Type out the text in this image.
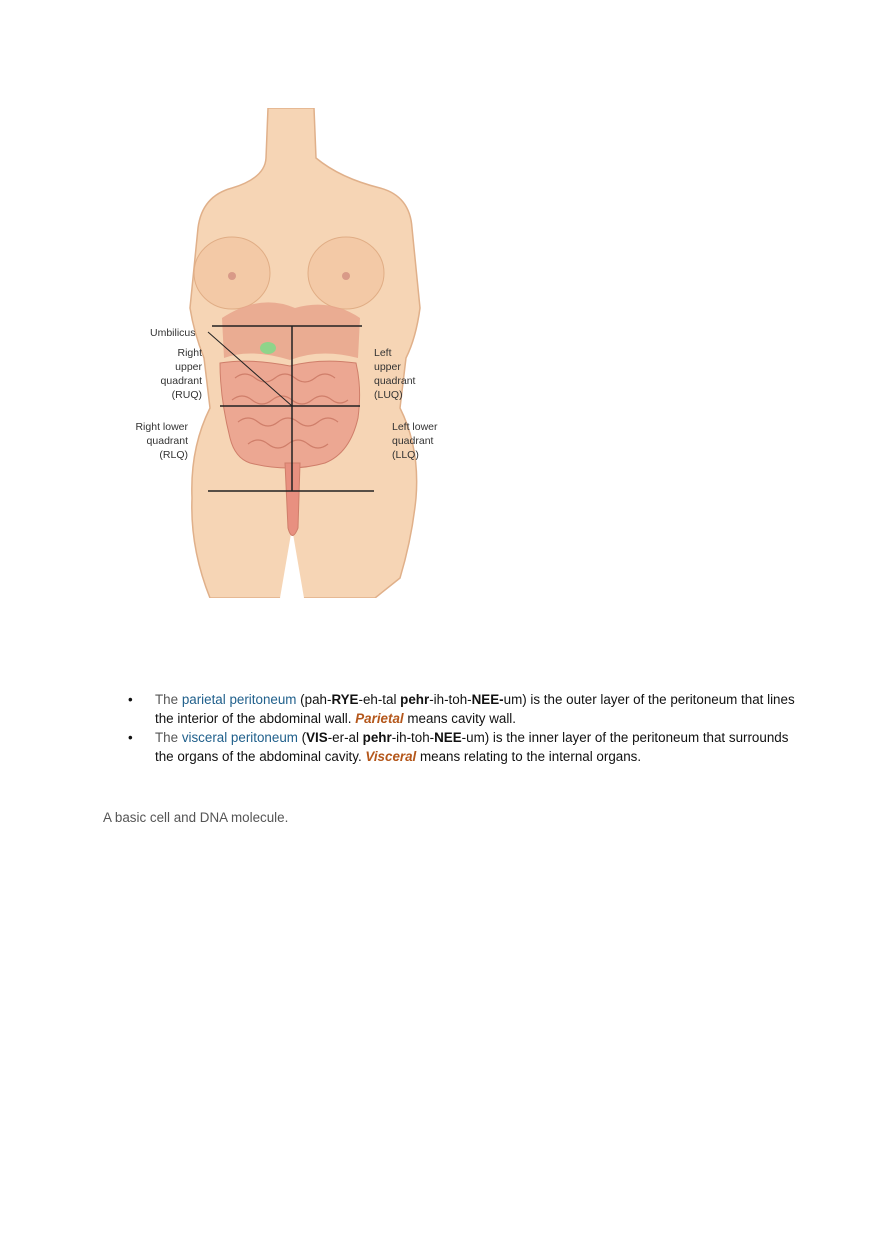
Umbilicus
Right
upper
quadrant
(RUQ)
Left
upper
quadrant
(LUQ)
Right lower
quadrant
(RLQ)
Left lower
quadrant
(LLQ)

• The parietal peritoneum (pah-RYE-eh-tal pehr-ih-toh-NEE-um) is the outer layer of the peritoneum that lines the interior of the abdominal wall. Parietal means cavity wall.

• The visceral peritoneum (VIS-er-al pehr-ih-toh-NEE-um) is the inner layer of the peritoneum that surrounds the organs of the abdominal cavity. Visceral means relating to the internal organs.

A basic cell and DNA molecule.
